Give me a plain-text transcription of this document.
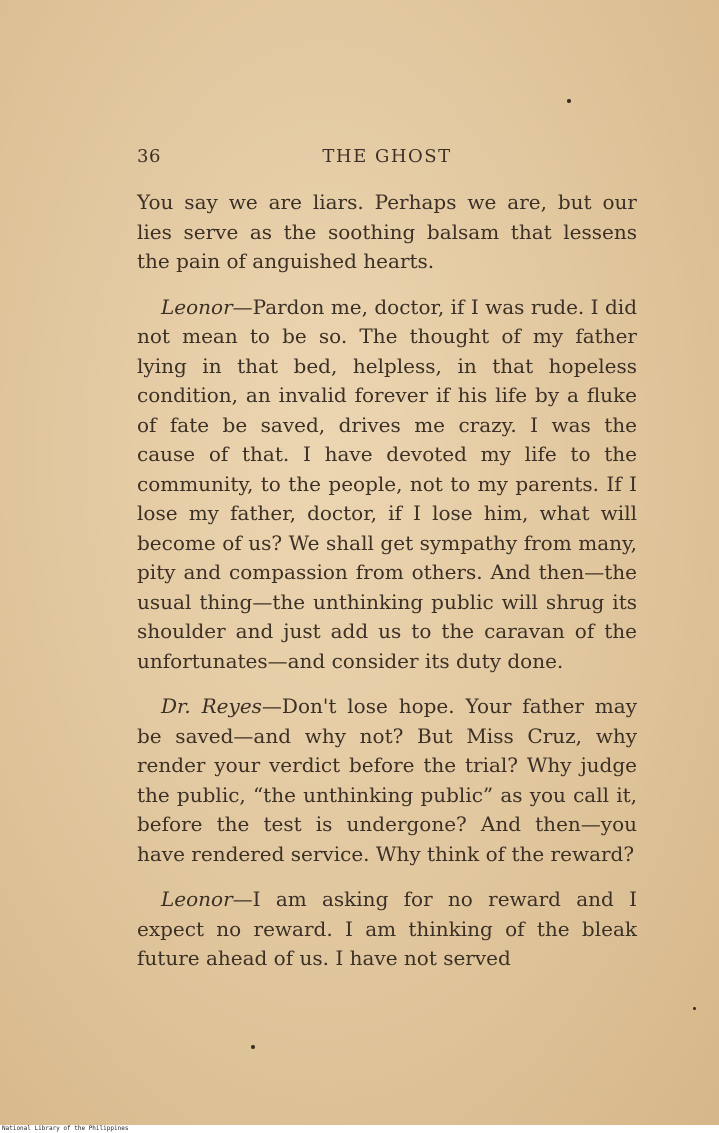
36	THE GHOST

You say we are liars. Perhaps we are, but our lies serve as the soothing balsam that lessens the pain of anguished hearts.

Leonor—Pardon me, doctor, if I was rude. I did not mean to be so. The thought of my father lying in that bed, helpless, in that hopeless condition, an invalid forever if his life by a fluke of fate be saved, drives me crazy. I was the cause of that. I have devoted my life to the community, to the people, not to my parents. If I lose my father, doctor, if I lose him, what will become of us? We shall get sympathy from many, pity and compassion from others. And then—the usual thing—the unthinking public will shrug its shoulder and just add us to the caravan of the unfortunates—and consider its duty done.

Dr. Reyes—Don't lose hope. Your father may be saved—and why not? But Miss Cruz, why render your verdict before the trial? Why judge the public, “the unthinking public” as you call it, before the test is undergone? And then—you have rendered service. Why think of the reward?

Leonor—I am asking for no reward and I expect no reward. I am thinking of the bleak future ahead of us. I have not served

National Library of the Philippines
